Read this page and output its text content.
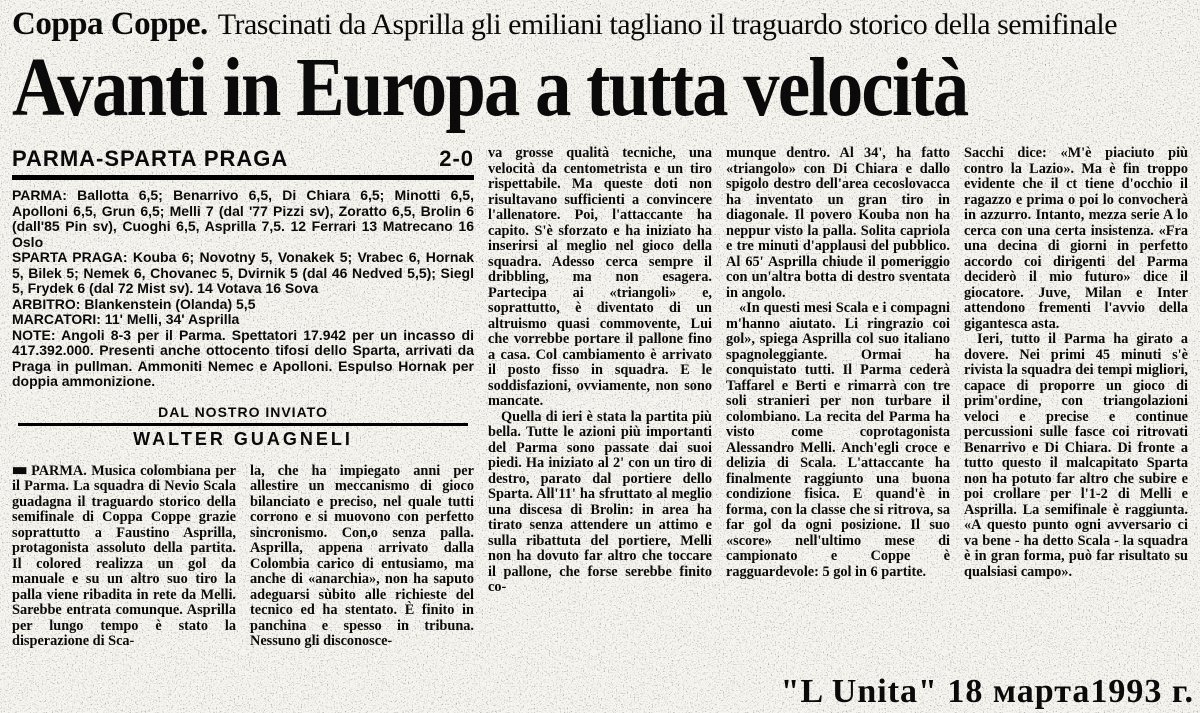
Coppa Coppe. Trascinati da Asprilla gli emiliani tagliano il traguardo storico della semifinale
Avanti in Europa a tutta velocità
PARMA-SPARTA PRAGA	2-0

PARMA: Ballotta 6,5; Benarrivo 6,5, Di Chiara 6,5; Minotti 6,5, Apolloni 6,5, Grun 6,5; Melli 7 (dal '77 Pizzi sv), Zoratto 6,5, Brolin 6 (dall'85 Pin sv), Cuoghi 6,5, Asprilla 7,5. 12 Ferrari 13 Matrecano 16 Oslo

SPARTA PRAGA: Kouba 6; Novotny 5, Vonakek 5; Vrabec 6, Hornak 5, Bilek 5; Nemek 6, Chovanec 5, Dvirnik 5 (dal 46 Nedved 5,5); Siegl 5, Frydek 6 (dal 72 Mist sv). 14 Votava 16 Sova

ARBITRO: Blankenstein (Olanda) 5,5

MARCATORI: 11' Melli, 34' Asprilla

NOTE: Angoli 8-3 per il Parma. Spettatori 17.942 per un incasso di 417.392.000. Presenti anche ottocento tifosi dello Sparta, arrivati da Praga in pullman. Ammoniti Nemec e Apolloni. Espulso Hornak per doppia ammonizione.

DAL NOSTRO INVIATO
WALTER GUAGNELI

■■ PARMA. Musica colombiana per il Parma. La squadra di Nevio Scala guadagna il traguardo storico della semifinale di Coppa Coppe grazie soprattutto a Faustino Asprilla, protagonista assoluto della partita. Il colored realizza un gol da manuale e su un altro suo tiro la palla viene ribadita in rete da Melli. Sarebbe entrata comunque. Asprilla per lungo tempo è stato la disperazione di Sca-

la, che ha impiegato anni per allestire un meccanismo di gioco bilanciato e preciso, nel quale tutti corrono e si muovono con perfetto sincronismo. Con,o senza palla. Asprilla, appena arrivato dalla Colombia carico di entusiamo, ma anche di «anarchia», non ha saputo adeguarsi sùbito alle richieste del tecnico ed ha stentato. È finito in panchina e spesso in tribuna. Nessuno gli disconosce-

va grosse qualità tecniche, una velocità da centometrista e un tiro rispettabile. Ma queste doti non risultavano sufficienti a convincere l'allenatore. Poi, l'attaccante ha capito. S'è sforzato e ha iniziato ha inserirsi al meglio nel gioco della squadra. Adesso cerca sempre il dribbling, ma non esagera. Partecipa ai «triangoli» e, soprattutto, è diventato di un altruismo quasi commovente, Lui che vorrebbe portare il pallone fino a casa. Col cambiamento è arrivato il posto fisso in squadra. E le soddisfazioni, ovviamente, non sono mancate.

Quella di ieri è stata la partita più bella. Tutte le azioni più importanti del Parma sono passate dai suoi piedi. Ha iniziato al 2' con un tiro di destro, parato dal portiere dello Sparta. All'11' ha sfruttato al meglio una discesa di Brolin: in area ha tirato senza attendere un attimo e sulla ribattuta del portiere, Melli non ha dovuto far altro che toccare il pallone, che forse serebbe finito co-

munque dentro. Al 34', ha fatto «triangolo» con Di Chiara e dallo spigolo destro dell'area cecoslovacca ha inventato un gran tiro in diagonale. Il povero Kouba non ha neppur visto la palla. Solita capriola e tre minuti d'applausi del pubblico. Al 65' Asprilla chiude il pomeriggio con un'altra botta di destro sventata in angolo.

«In questi mesi Scala e i compagni m'hanno aiutato. Li ringrazio coi gol», spiega Asprilla col suo italiano spagnoleggiante. Ormai ha conquistato tutti. Il Parma cederà Taffarel e Berti e rimarrà con tre soli stranieri per non turbare il colombiano. La recita del Parma ha visto come coprotagonista Alessandro Melli. Anch'egli croce e delizia di Scala. L'attaccante ha finalmente raggiunto una buona condizione fisica. E quand'è in forma, con la classe che si ritrova, sa far gol da ogni posizione. Il suo «score» nell'ultimo mese di campionato e Coppe è ragguardevole: 5 gol in 6 partite.

Sacchi dice: «M'è piaciuto più contro la Lazio». Ma è fin troppo evidente che il ct tiene d'occhio il ragazzo e prima o poi lo convocherà in azzurro. Intanto, mezza serie A lo cerca con una certa insistenza. «Fra una decina di giorni in perfetto accordo coi dirigenti del Parma deciderò il mio futuro» dice il giocatore. Juve, Milan e Inter attendono frementi l'avvio della gigantesca asta.

Ieri, tutto il Parma ha girato a dovere. Nei primi 45 minuti s'è rivista la squadra dei tempi migliori, capace di proporre un gioco di prim'ordine, con triangolazioni veloci e precise e continue percussioni sulle fasce coi ritrovati Benarrivo e Di Chiara. Di fronte a tutto questo il malcapitato Sparta non ha potuto far altro che subire e poi crollare per l'1-2 di Melli e Asprilla. La semifinale è raggiunta. «A questo punto ogni avversario ci va bene - ha detto Scala - la squadra è in gran forma, può far risultato su qualsiasi campo».

"L Unita" 18 марта1993 г.
